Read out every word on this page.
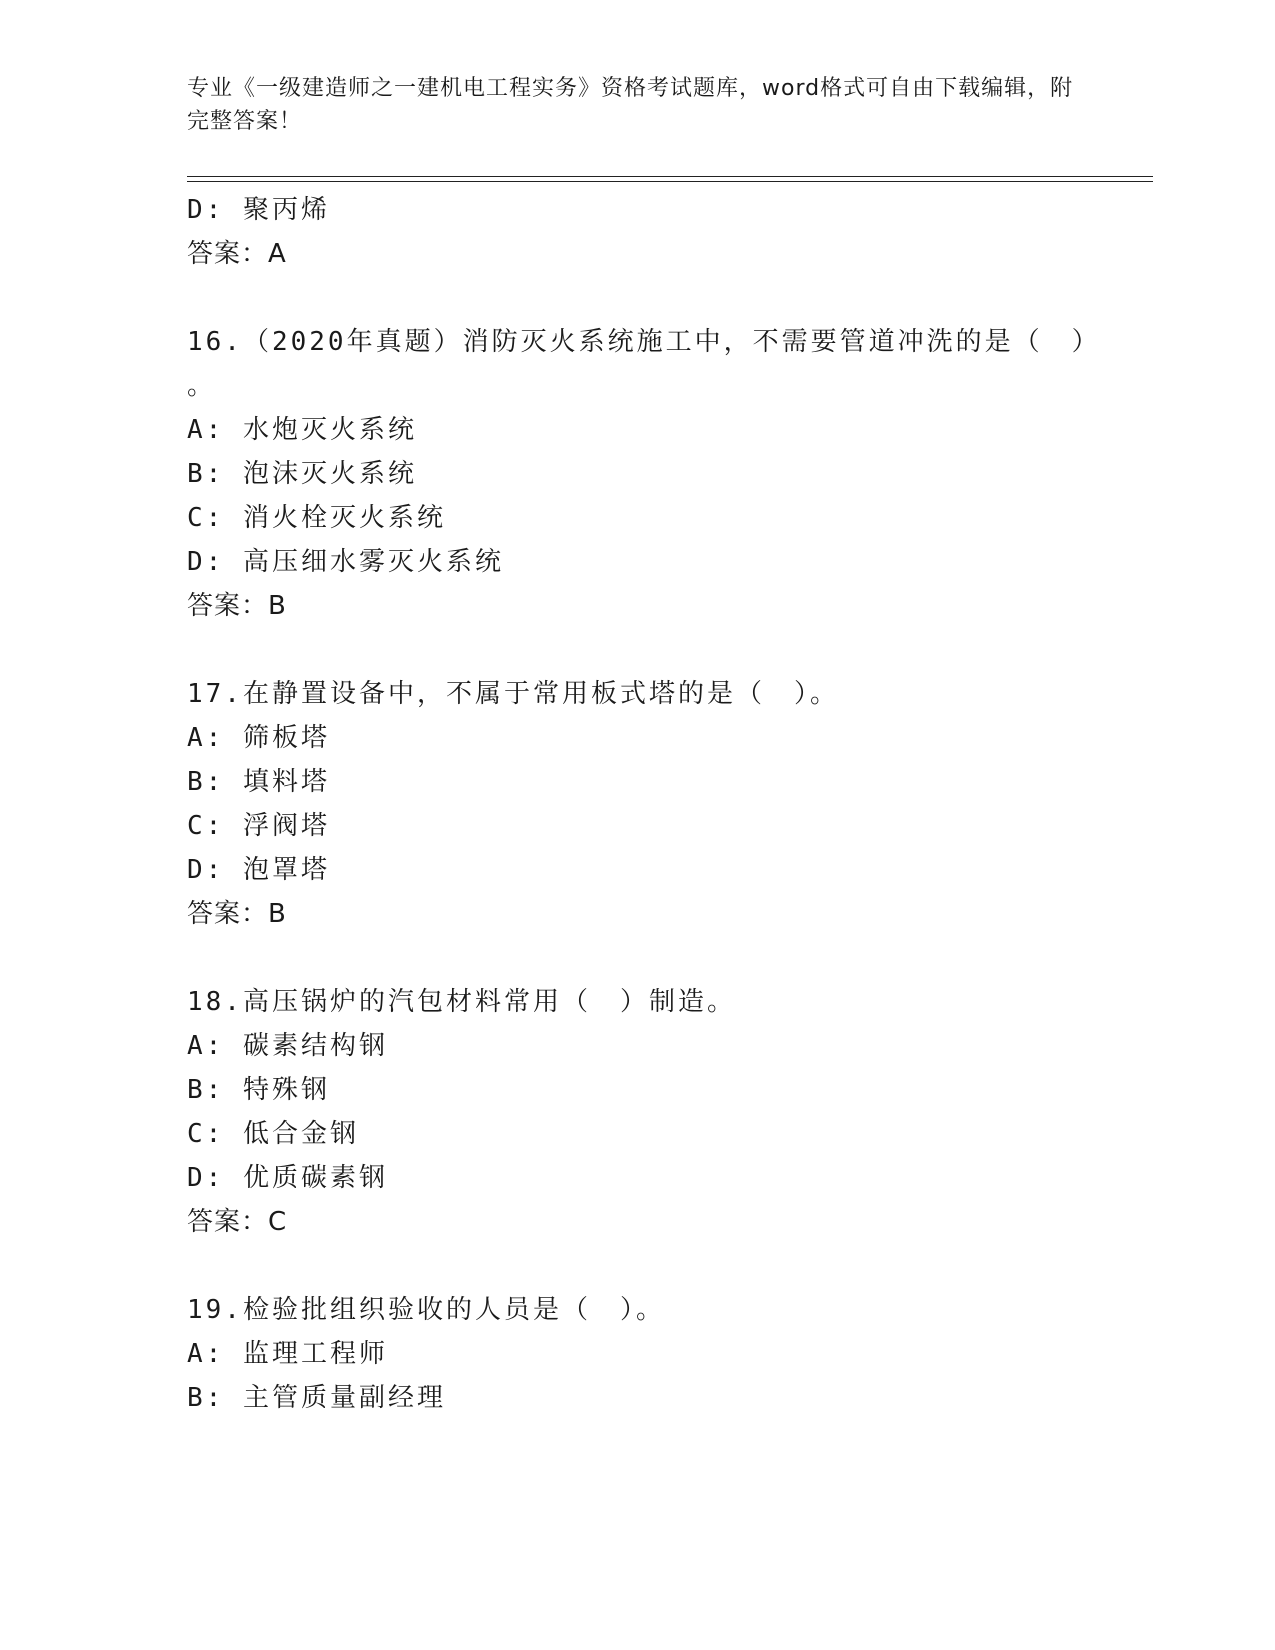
专业《一级建造师之一建机电工程实务》资格考试题库，word格式可自由下载编辑，附完整答案！
D: 聚丙烯
答案：A
16.（2020年真题）消防灭火系统施工中，不需要管道冲洗的是（　）
。
A: 水炮灭火系统
B: 泡沫灭火系统
C: 消火栓灭火系统
D: 高压细水雾灭火系统
答案：B
17.在静置设备中，不属于常用板式塔的是（　）。
A: 筛板塔
B: 填料塔
C: 浮阀塔
D: 泡罩塔
答案：B
18.高压锅炉的汽包材料常用（　）制造。
A: 碳素结构钢
B: 特殊钢
C: 低合金钢
D: 优质碳素钢
答案：C
19.检验批组织验收的人员是（　）。
A: 监理工程师
B: 主管质量副经理
